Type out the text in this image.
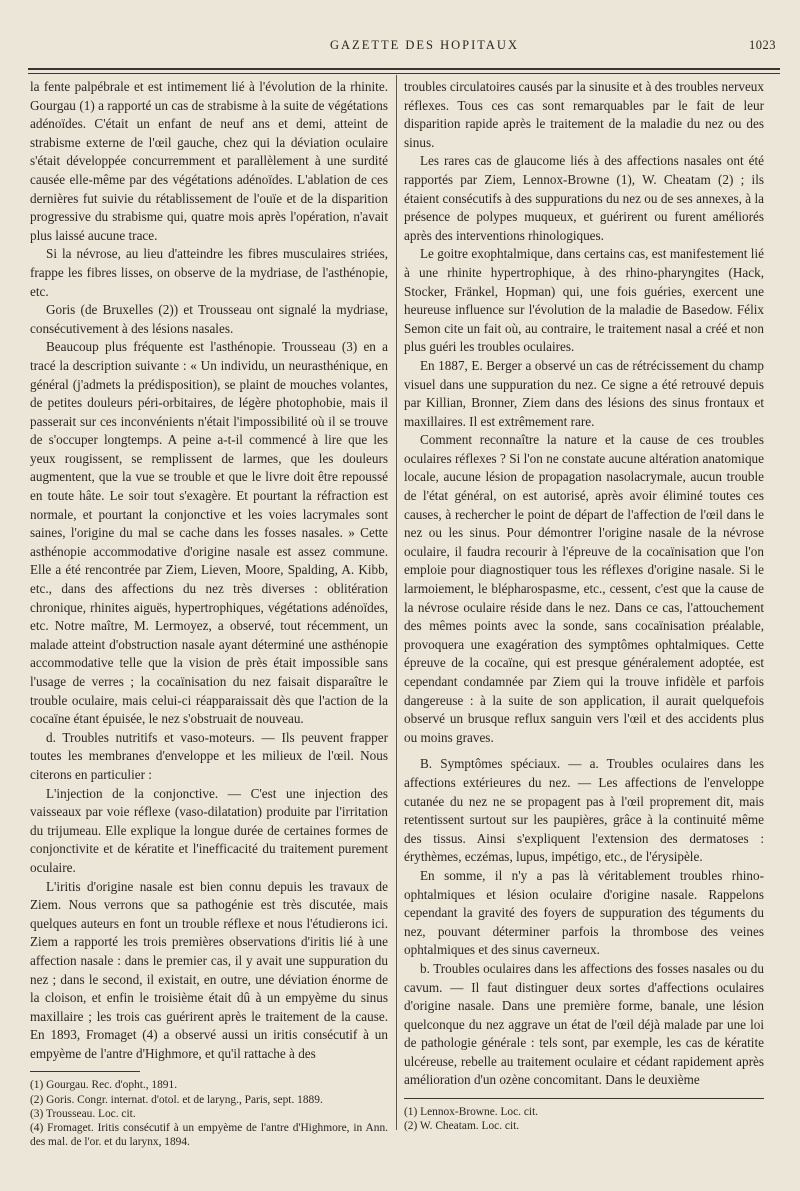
GAZETTE DES HOPITAUX	1023

la fente palpébrale et est intimement lié à l'évolution de la rhinite. Gourgau (1) a rapporté un cas de strabisme à la suite de végétations adénoïdes. C'était un enfant de neuf ans et demi, atteint de strabisme externe de l'œil gauche, chez qui la déviation oculaire s'était développée concurremment et parallèlement à une surdité causée elle-même par des végétations adénoïdes. L'ablation de ces dernières fut suivie du rétablissement de l'ouïe et de la disparition progressive du strabisme qui, quatre mois après l'opération, n'avait plus laissé aucune trace.

Si la névrose, au lieu d'atteindre les fibres musculaires striées, frappe les fibres lisses, on observe de la mydriase, de l'asthénopie, etc.

Goris (de Bruxelles (2)) et Trousseau ont signalé la mydriase, consécutivement à des lésions nasales.

Beaucoup plus fréquente est l'asthénopie. Trousseau (3) en a tracé la description suivante : « Un individu, un neurasthénique, en général (j'admets la prédisposition), se plaint de mouches volantes, de petites douleurs péri-orbitaires, de légère photophobie, mais il passerait sur ces inconvénients n'était l'impossibilité où il se trouve de s'occuper longtemps. A peine a-t-il commencé à lire que les yeux rougissent, se remplissent de larmes, que les douleurs augmentent, que la vue se trouble et que le livre doit être repoussé en toute hâte. Le soir tout s'exagère. Et pourtant la réfraction est normale, et pourtant la conjonctive et les voies lacrymales sont saines, l'origine du mal se cache dans les fosses nasales. » Cette asthénopie accommodative d'origine nasale est assez commune. Elle a été rencontrée par Ziem, Lieven, Moore, Spalding, A. Kibb, etc., dans des affections du nez très diverses : oblitération chronique, rhinites aiguës, hypertrophiques, végétations adénoïdes, etc. Notre maître, M. Lermoyez, a observé, tout récemment, un malade atteint d'obstruction nasale ayant déterminé une asthénopie accommodative telle que la vision de près était impossible sans l'usage de verres ; la cocaïnisation du nez faisait disparaître le trouble oculaire, mais celui-ci réapparaissait dès que l'action de la cocaïne étant épuisée, le nez s'obstruait de nouveau.

d. Troubles nutritifs et vaso-moteurs. — Ils peuvent frapper toutes les membranes d'enveloppe et les milieux de l'œil. Nous citerons en particulier :

L'injection de la conjonctive. — C'est une injection des vaisseaux par voie réflexe (vaso-dilatation) produite par l'irritation du trijumeau. Elle explique la longue durée de certaines formes de conjonctivite et de kératite et l'inefficacité du traitement purement oculaire.

L'iritis d'origine nasale est bien connu depuis les travaux de Ziem. Nous verrons que sa pathogénie est très discutée, mais quelques auteurs en font un trouble réflexe et nous l'étudierons ici. Ziem a rapporté les trois premières observations d'iritis lié à une affection nasale : dans le premier cas, il y avait une suppuration du nez ; dans le second, il existait, en outre, une déviation énorme de la cloison, et enfin le troisième était dû à un empyème du sinus maxillaire ; les trois cas guérirent après le traitement de la cause. En 1893, Fromaget (4) a observé aussi un iritis consécutif à un empyème de l'antre d'Highmore, et qu'il rattache à des

(1) Gourgau. Rec. d'opht., 1891.
(2) Goris. Congr. internat. d'otol. et de laryng., Paris, sept. 1889.
(3) Trousseau. Loc. cit.
(4) Fromaget. Iritis consécutif à un empyème de l'antre d'Highmore, in Ann. des mal. de l'or. et du larynx, 1894.

troubles circulatoires causés par la sinusite et à des troubles nerveux réflexes. Tous ces cas sont remarquables par le fait de leur disparition rapide après le traitement de la maladie du nez ou des sinus.

Les rares cas de glaucome liés à des affections nasales ont été rapportés par Ziem, Lennox-Browne (1), W. Cheatam (2) ; ils étaient consécutifs à des suppurations du nez ou de ses annexes, à la présence de polypes muqueux, et guérirent ou furent améliorés après des interventions rhinologiques.

Le goitre exophtalmique, dans certains cas, est manifestement lié à une rhinite hypertrophique, à des rhino-pharyngites (Hack, Stocker, Fränkel, Hopman) qui, une fois guéries, exercent une heureuse influence sur l'évolution de la maladie de Basedow. Félix Semon cite un fait où, au contraire, le traitement nasal a créé et non plus guéri les troubles oculaires.

En 1887, E. Berger a observé un cas de rétrécissement du champ visuel dans une suppuration du nez. Ce signe a été retrouvé depuis par Killian, Bronner, Ziem dans des lésions des sinus frontaux et maxillaires. Il est extrêmement rare.

Comment reconnaître la nature et la cause de ces troubles oculaires réflexes ? Si l'on ne constate aucune altération anatomique locale, aucune lésion de propagation nasolacrymale, aucun trouble de l'état général, on est autorisé, après avoir éliminé toutes ces causes, à rechercher le point de départ de l'affection de l'œil dans le nez ou les sinus. Pour démontrer l'origine nasale de la névrose oculaire, il faudra recourir à l'épreuve de la cocaïnisation que l'on emploie pour diagnostiquer tous les réflexes d'origine nasale. Si le larmoiement, le blépharospasme, etc., cessent, c'est que la cause de la névrose oculaire réside dans le nez. Dans ce cas, l'attouchement des mêmes points avec la sonde, sans cocaïnisation préalable, provoquera une exagération des symptômes ophtalmiques. Cette épreuve de la cocaïne, qui est presque généralement adoptée, est cependant condamnée par Ziem qui la trouve infidèle et parfois dangereuse : à la suite de son application, il aurait quelquefois observé un brusque reflux sanguin vers l'œil et des accidents plus ou moins graves.

B. Symptômes spéciaux. — a. Troubles oculaires dans les affections extérieures du nez. — Les affections de l'enveloppe cutanée du nez ne se propagent pas à l'œil proprement dit, mais retentissent surtout sur les paupières, grâce à la continuité même des tissus. Ainsi s'expliquent l'extension des dermatoses : érythèmes, eczémas, lupus, impétigo, etc., de l'érysipèle.

En somme, il n'y a pas là véritablement troubles rhino-ophtalmiques et lésion oculaire d'origine nasale. Rappelons cependant la gravité des foyers de suppuration des téguments du nez, pouvant déterminer parfois la thrombose des veines ophtalmiques et des sinus caverneux.

b. Troubles oculaires dans les affections des fosses nasales ou du cavum. — Il faut distinguer deux sortes d'affections oculaires d'origine nasale. Dans une première forme, banale, une lésion quelconque du nez aggrave un état de l'œil déjà malade par une loi de pathologie générale : tels sont, par exemple, les cas de kératite ulcéreuse, rebelle au traitement oculaire et cédant rapidement après amélioration d'un ozène concomitant. Dans le deuxième

(1) Lennox-Browne. Loc. cit.
(2) W. Cheatam. Loc. cit.
